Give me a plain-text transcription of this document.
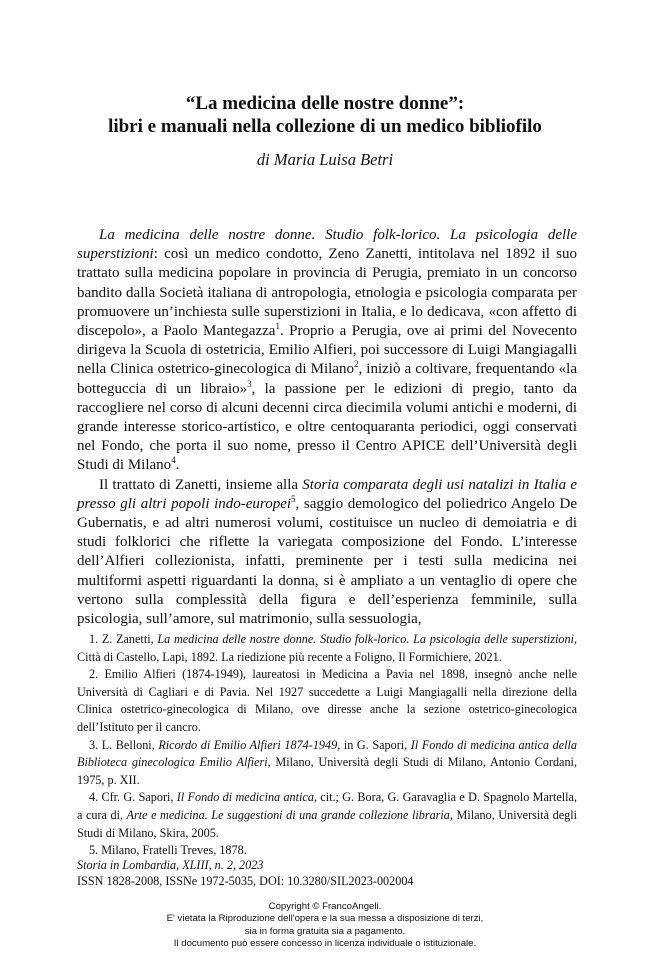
“La medicina delle nostre donne”:
libri e manuali nella collezione di un medico bibliofilo
di Maria Luisa Betri

La medicina delle nostre donne. Studio folk-lorico. La psicologia delle superstizioni: così un medico condotto, Zeno Zanetti, intitolava nel 1892 il suo trattato sulla medicina popolare in provincia di Perugia, premiato in un concorso bandito dalla Società italiana di antropologia, etnologia e psicologia comparata per promuovere un’inchiesta sulle superstizioni in Italia, e lo dedicava, «con affetto di discepolo», a Paolo Mantegazza$^1$. Proprio a Perugia, ove ai primi del Novecento dirigeva la Scuola di ostetricia, Emilio Alfieri, poi successore di Luigi Mangiagalli nella Clinica ostetrico-ginecologica di Milano$^2$, iniziò a coltivare, frequentando «la botteguccia di un libraio»$^3$, la passione per le edizioni di pregio, tanto da raccogliere nel corso di alcuni decenni circa diecimila volumi antichi e moderni, di grande interesse storico-artistico, e oltre centoquaranta periodici, oggi conservati nel Fondo, che porta il suo nome, presso il Centro APICE dell’Università degli Studi di Milano$^4$.

Il trattato di Zanetti, insieme alla Storia comparata degli usi natalizi in Italia e presso gli altri popoli indo-europei$^5$, saggio demologico del poliedrico Angelo De Gubernatis, e ad altri numerosi volumi, costituisce un nucleo di demoiatria e di studi folklorici che riflette la variegata composizione del Fondo. L’interesse dell’Alfieri collezionista, infatti, preminente per i testi sulla medicina nei multiformi aspetti riguardanti la donna, si è ampliato a un ventaglio di opere che vertono sulla complessità della figura e dell’esperienza femminile, sulla psicologia, sull’amore, sul matrimonio, sulla sessuologia,

1. Z. Zanetti, La medicina delle nostre donne. Studio folk-lorico. La psicologia delle superstizioni, Città di Castello, Lapi, 1892. La riedizione più recente a Foligno, Il Formichiere, 2021.

2. Emilio Alfieri (1874-1949), laureatosi in Medicina a Pavia nel 1898, insegnò anche nelle Università di Cagliari e di Pavia. Nel 1927 succedette a Luigi Mangiagalli nella direzione della Clinica ostetrico-ginecologica di Milano, ove diresse anche la sezione ostetrico-ginecologica dell’Istituto per il cancro.

3. L. Belloni, Ricordo di Emilio Alfieri 1874-1949, in G. Sapori, Il Fondo di medicina antica della Biblioteca ginecologica Emilio Alfieri, Milano, Università degli Studi di Milano, Antonio Cordani, 1975, p. XII.

4. Cfr. G. Sapori, Il Fondo di medicina antica, cit.; G. Bora, G. Garavaglia e D. Spagnolo Martella, a cura di, Arte e medicina. Le suggestioni di una grande collezione libraria, Milano, Università degli Studi di Milano, Skira, 2005.

5. Milano, Fratelli Treves, 1878.

Storia in Lombardia, XLIII, n. 2, 2023
ISSN 1828-2008, ISSNe 1972-5035, DOI: 10.3280/SIL2023-002004
Copyright © FrancoAngeli.
E' vietata la Riproduzione dell'opera e la sua messa a disposizione di terzi,
sia in forma gratuita sia a pagamento.
Il documento può essere concesso in licenza individuale o istituzionale.
